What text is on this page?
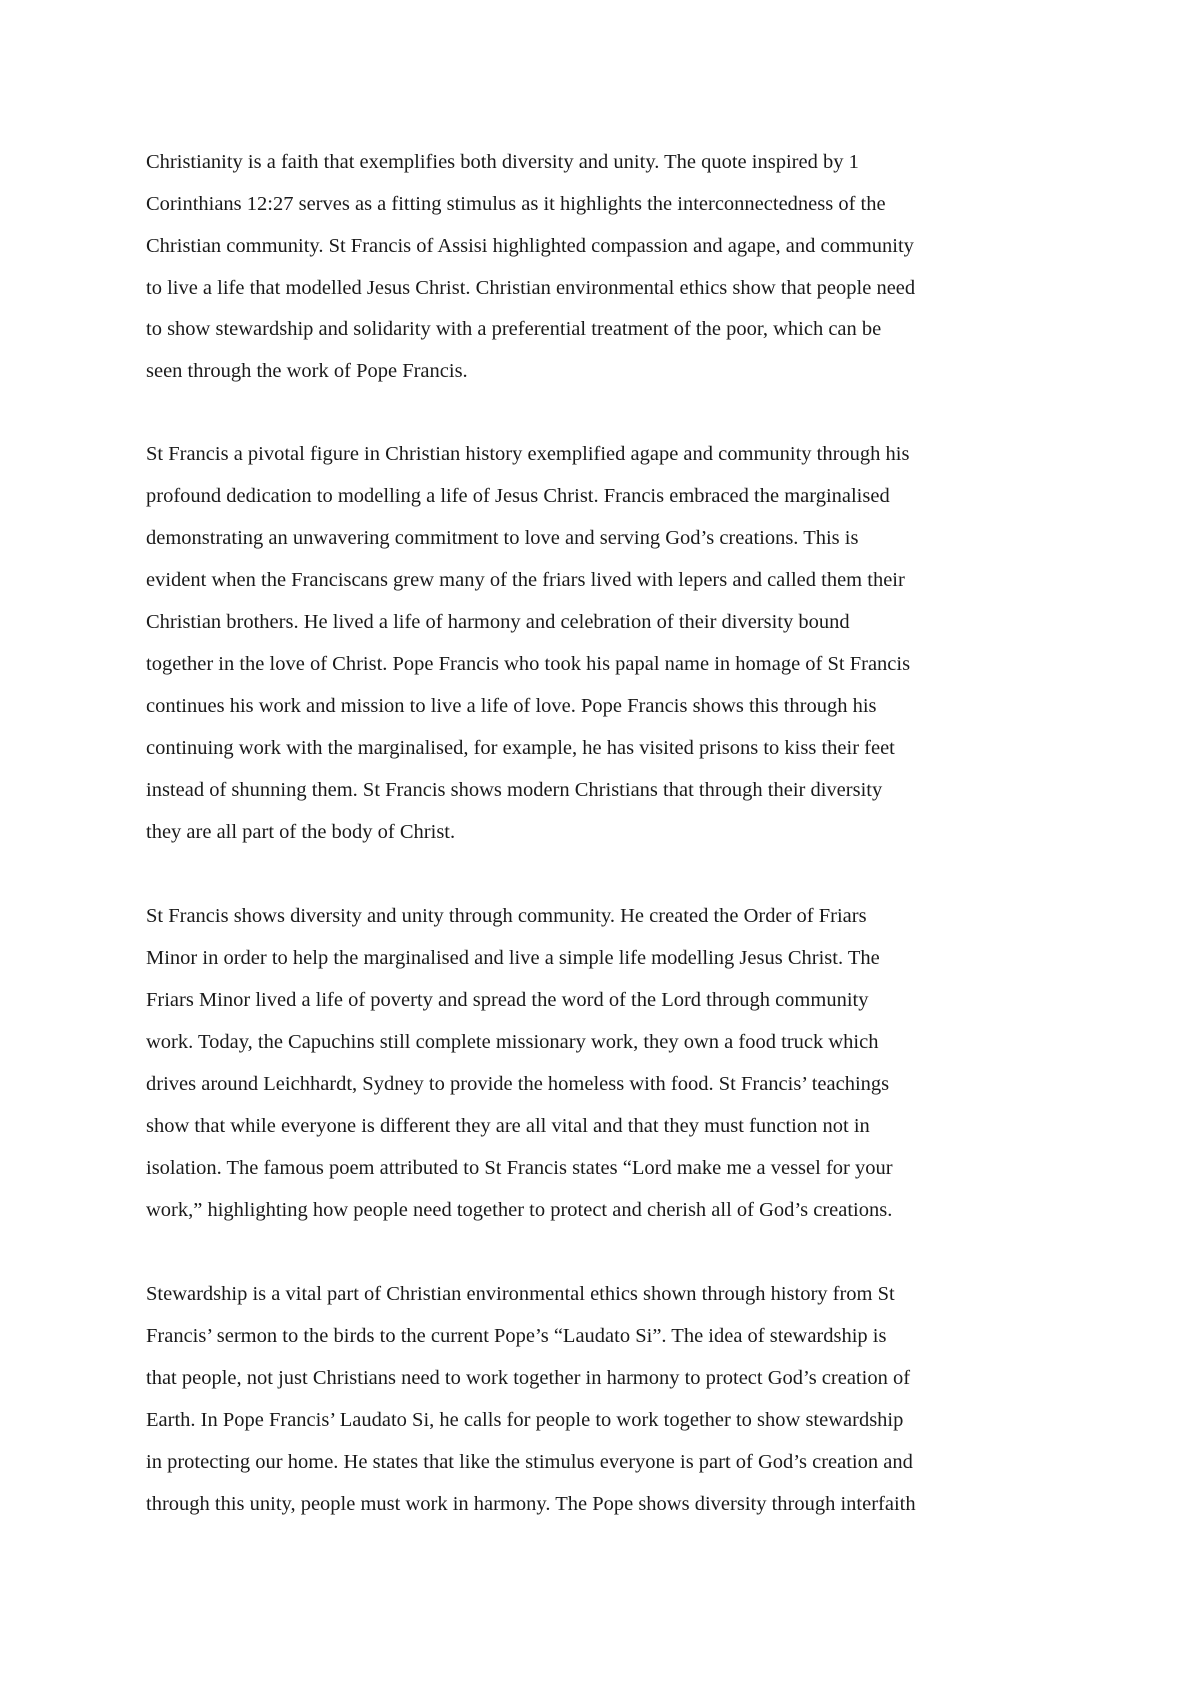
Christianity is a faith that exemplifies both diversity and unity. The quote inspired by 1
Corinthians 12:27 serves as a fitting stimulus as it highlights the interconnectedness of the
Christian community. St Francis of Assisi highlighted compassion and agape, and community
to live a life that modelled Jesus Christ. Christian environmental ethics show that people need
to show stewardship and solidarity with a preferential treatment of the poor, which can be
seen through the work of Pope Francis.
St Francis a pivotal figure in Christian history exemplified agape and community through his
profound dedication to modelling a life of Jesus Christ. Francis embraced the marginalised
demonstrating an unwavering commitment to love and serving God’s creations. This is
evident when the Franciscans grew many of the friars lived with lepers and called them their
Christian brothers. He lived a life of harmony and celebration of their diversity bound
together in the love of Christ. Pope Francis who took his papal name in homage of St Francis
continues his work and mission to live a life of love. Pope Francis shows this through his
continuing work with the marginalised, for example, he has visited prisons to kiss their feet
instead of shunning them. St Francis shows modern Christians that through their diversity
they are all part of the body of Christ.
St Francis shows diversity and unity through community. He created the Order of Friars
Minor in order to help the marginalised and live a simple life modelling Jesus Christ. The
Friars Minor lived a life of poverty and spread the word of the Lord through community
work. Today, the Capuchins still complete missionary work, they own a food truck which
drives around Leichhardt, Sydney to provide the homeless with food. St Francis’ teachings
show that while everyone is different they are all vital and that they must function not in
isolation. The famous poem attributed to St Francis states “Lord make me a vessel for your
work,” highlighting how people need together to protect and cherish all of God’s creations.
Stewardship is a vital part of Christian environmental ethics shown through history from St
Francis’ sermon to the birds to the current Pope’s “Laudato Si”. The idea of stewardship is
that people, not just Christians need to work together in harmony to protect God’s creation of
Earth. In Pope Francis’ Laudato Si, he calls for people to work together to show stewardship
in protecting our home. He states that like the stimulus everyone is part of God’s creation and
through this unity, people must work in harmony. The Pope shows diversity through interfaith
